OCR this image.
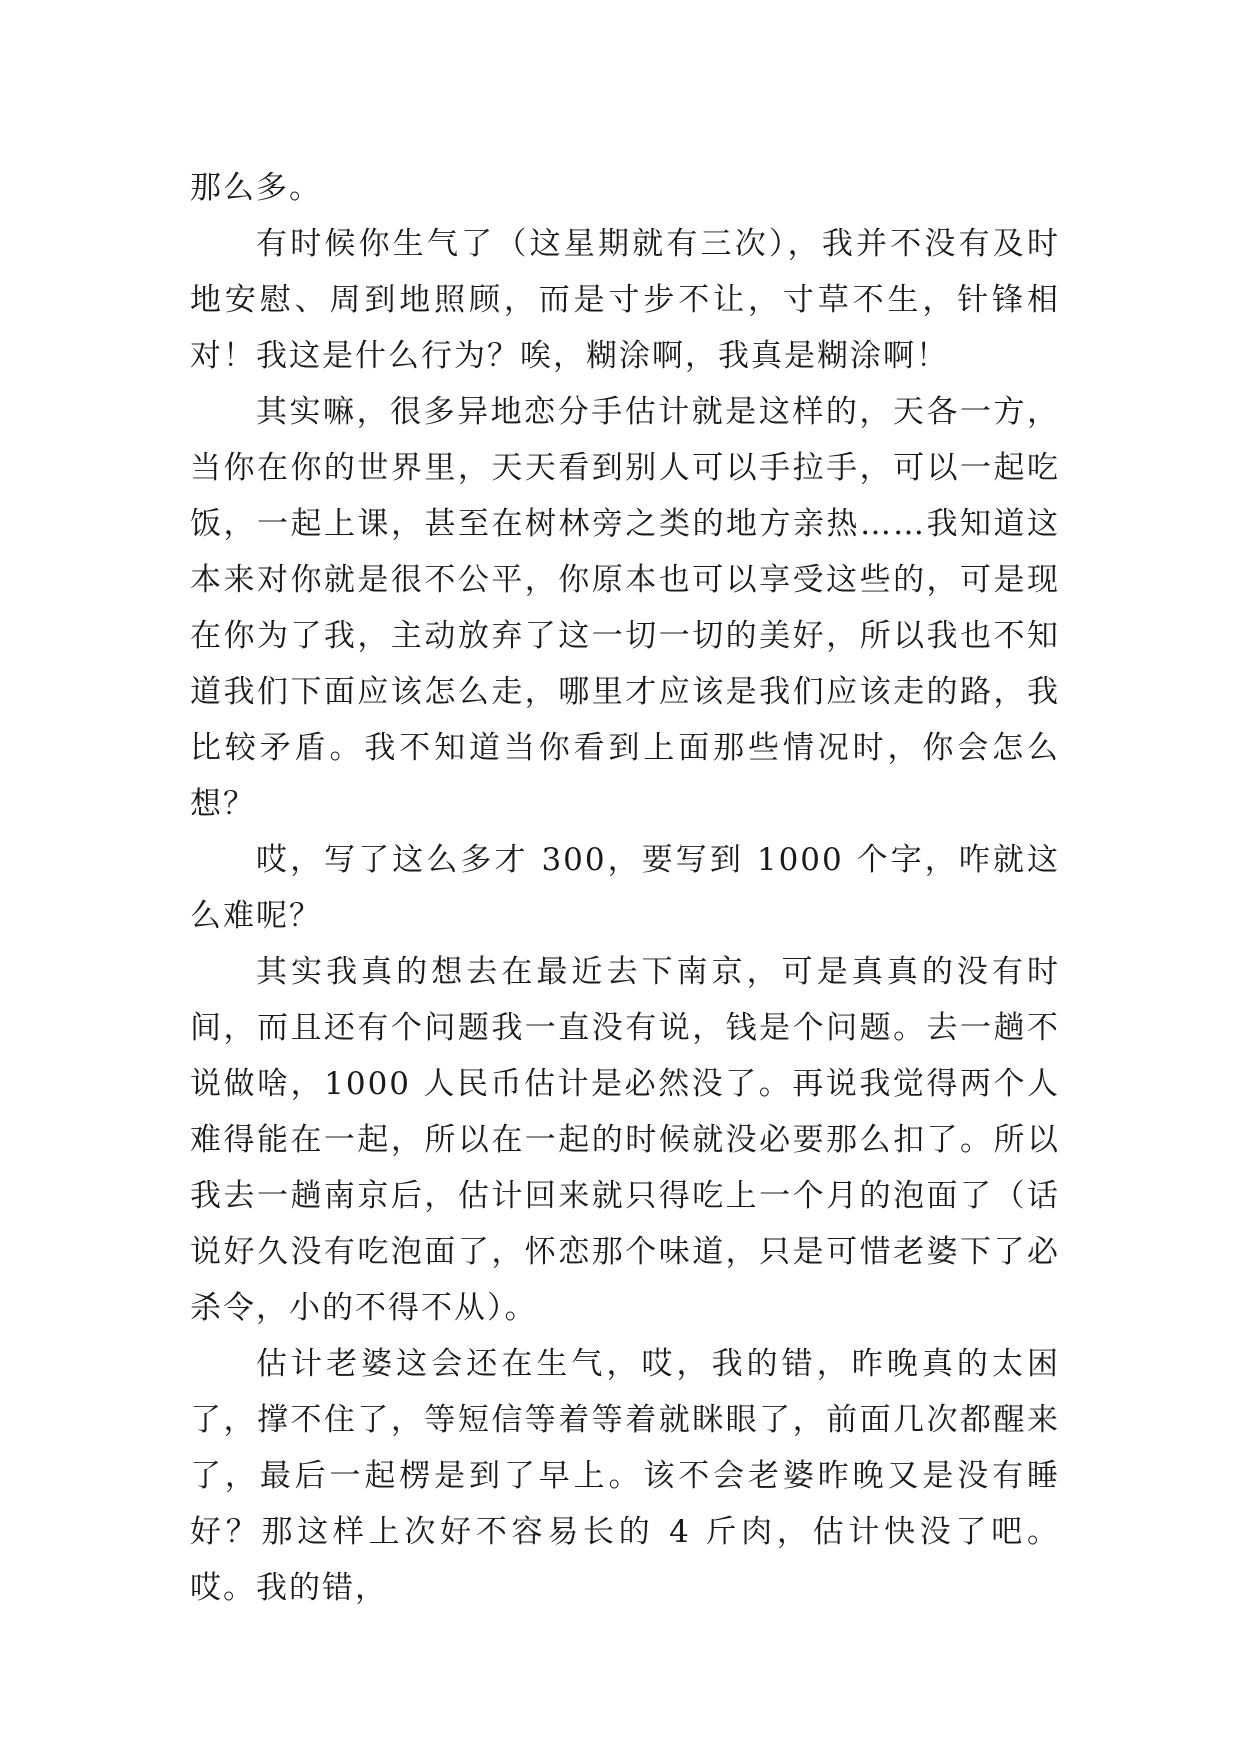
那么多。

有时候你生气了（这星期就有三次），我并不没有及时地安慰、周到地照顾，而是寸步不让，寸草不生，针锋相对！我这是什么行为？唉，糊涂啊，我真是糊涂啊！

其实嘛，很多异地恋分手估计就是这样的，天各一方，当你在你的世界里，天天看到别人可以手拉手，可以一起吃饭，一起上课，甚至在树林旁之类的地方亲热……我知道这本来对你就是很不公平，你原本也可以享受这些的，可是现在你为了我，主动放弃了这一切一切的美好，所以我也不知道我们下面应该怎么走，哪里才应该是我们应该走的路，我比较矛盾。我不知道当你看到上面那些情况时，你会怎么想？

哎，写了这么多才 300，要写到 1000 个字，咋就这么难呢？

其实我真的想去在最近去下南京，可是真真的没有时间，而且还有个问题我一直没有说，钱是个问题。去一趟不说做啥，1000 人民币估计是必然没了。再说我觉得两个人难得能在一起，所以在一起的时候就没必要那么扣了。所以我去一趟南京后，估计回来就只得吃上一个月的泡面了（话说好久没有吃泡面了，怀恋那个味道，只是可惜老婆下了必杀令，小的不得不从）。

估计老婆这会还在生气，哎，我的错，昨晚真的太困了，撑不住了，等短信等着等着就眯眼了，前面几次都醒来了，最后一起楞是到了早上。该不会老婆昨晚又是没有睡好？那这样上次好不容易长的 4 斤肉，估计快没了吧。哎。我的错，
